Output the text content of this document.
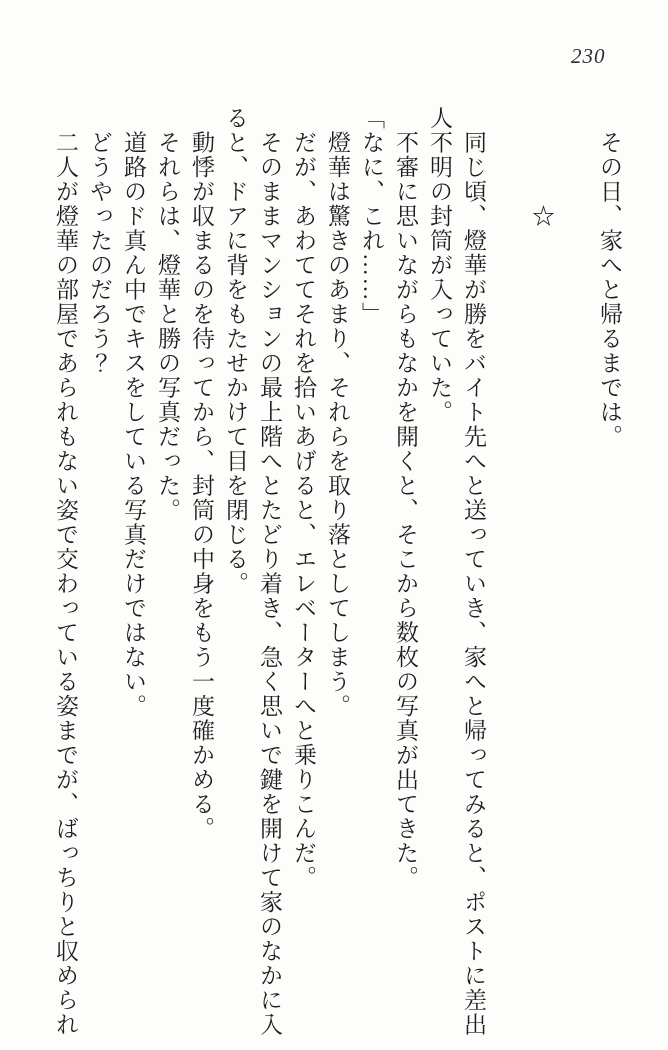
230
　その日、家へと帰るまでは。
　　　　☆
　同じ頃、燈華が勝をバイト先へと送っていき、家へと帰ってみると、ポストに差出
人不明の封筒が入っていた。
　不審に思いながらもなかを開くと、そこから数枚の写真が出てきた。
「なに、これ……」
　燈華は驚きのあまり、それらを取り落としてしまう。
　だが、あわててそれを拾いあげると、エレベーターへと乗りこんだ。
　そのままマンションの最上階へとたどり着き、急く思いで鍵を開けて家のなかに入
ると、ドアに背をもたせかけて目を閉じる。
　動悸が収まるのを待ってから、封筒の中身をもう一度確かめる。
　それらは、燈華と勝の写真だった。
　道路のド真ん中でキスをしている写真だけではない。
　どうやったのだろう？
　二人が燈華の部屋であられもない姿で交わっている姿までが、ばっちりと収められ
